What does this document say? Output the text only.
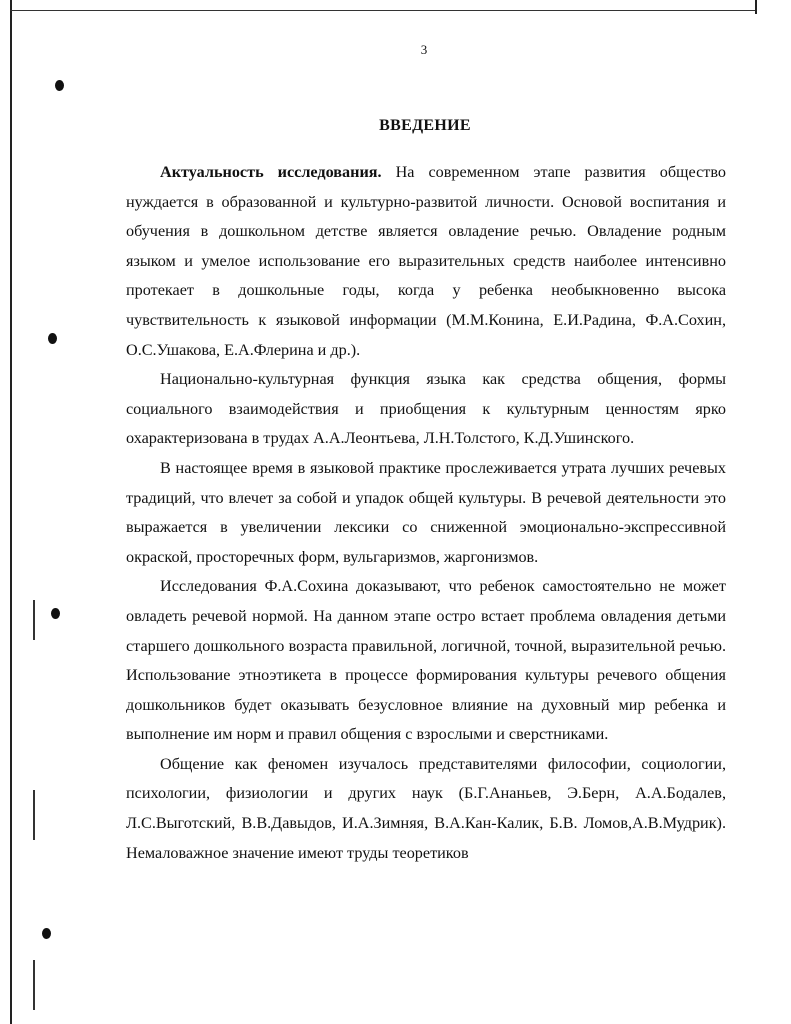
3
ВВЕДЕНИЕ

Актуальность исследования. На современном этапе развития общество нуждается в образованной и культурно-развитой личности. Основой воспитания и обучения в дошкольном детстве является овладение речью. Овладение родным языком и умелое использование его выразительных средств наиболее интенсивно протекает в дошкольные годы, когда у ребенка необыкновенно высока чувствительность к языковой информации (М.М.Конина, Е.И.Радина, Ф.А.Сохин, О.С.Ушакова, Е.А.Флерина и др.).

Национально-культурная функция языка как средства общения, формы социального взаимодействия и приобщения к культурным ценностям ярко охарактеризована в трудах А.А.Леонтьева, Л.Н.Толстого, К.Д.Ушинского.

В настоящее время в языковой практике прослеживается утрата лучших речевых традиций, что влечет за собой и упадок общей культуры. В речевой деятельности это выражается в увеличении лексики со сниженной эмоционально-экспрессивной окраской, просторечных форм, вульгаризмов, жаргонизмов.

Исследования Ф.А.Сохина доказывают, что ребенок самостоятельно не может овладеть речевой нормой. На данном этапе остро встает проблема овладения детьми старшего дошкольного возраста правильной, логичной, точной, выразительной речью. Использование этноэтикета в процессе формирования культуры речевого общения дошкольников будет оказывать безусловное влияние на духовный мир ребенка и выполнение им норм и правил общения с взрослыми и сверстниками.

Общение как феномен изучалось представителями философии, социологии, психологии, физиологии и других наук (Б.Г.Ананьев, Э.Берн, А.А.Бодалев, Л.С.Выготский, В.В.Давыдов, И.А.Зимняя, В.А.Кан-Калик, Б.В. Ломов,А.В.Мудрик). Немаловажное значение имеют труды теоретиков
